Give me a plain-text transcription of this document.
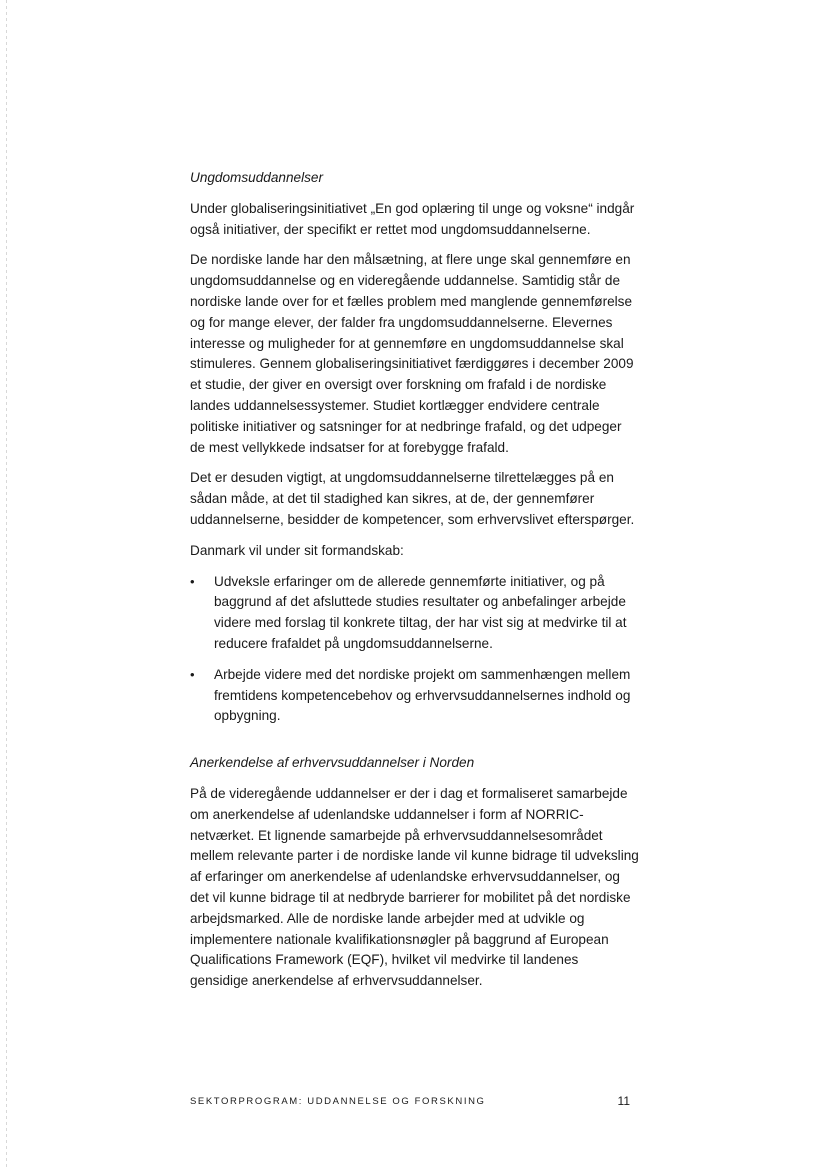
Ungdomsuddannelser

Under globaliseringsinitiativet „En god oplæring til unge og voksne“ indgår også initiativer, der specifikt er rettet mod ungdomsuddannelserne.

De nordiske lande har den målsætning, at flere unge skal gennemføre en ungdomsuddannelse og en videregående uddannelse. Samtidig står de nordiske lande over for et fælles problem med manglende gennemførelse og for mange elever, der falder fra ungdomsuddannelserne. Elevernes interesse og muligheder for at gennemføre en ungdomsuddannelse skal stimuleres. Gennem globaliseringsinitiativet færdiggøres i december 2009 et studie, der giver en oversigt over forskning om frafald i de nordiske landes uddannelsessystemer. Studiet kortlægger endvidere centrale politiske initiativer og satsninger for at nedbringe frafald, og det udpeger de mest vellykkede indsatser for at forebygge frafald.

Det er desuden vigtigt, at ungdomsuddannelserne tilrettelægges på en sådan måde, at det til stadighed kan sikres, at de, der gennemfører uddannelserne, besidder de kompetencer, som erhvervslivet efterspørger.

Danmark vil under sit formandskab:

• Udveksle erfaringer om de allerede gennemførte initiativer, og på baggrund af det afsluttede studies resultater og anbefalinger arbejde videre med forslag til konkrete tiltag, der har vist sig at medvirke til at reducere frafaldet på ungdomsuddannelserne.
• Arbejde videre med det nordiske projekt om sammenhængen mellem fremtidens kompetencebehov og erhvervsuddannelsernes indhold og opbygning.

Anerkendelse af erhvervsuddannelser i Norden

På de videregående uddannelser er der i dag et formaliseret samarbejde om anerkendelse af udenlandske uddannelser i form af NORRIC-netværket. Et lignende samarbejde på erhvervsuddannelsesområdet mellem relevante parter i de nordiske lande vil kunne bidrage til udveksling af erfaringer om anerkendelse af udenlandske erhvervsuddannelser, og det vil kunne bidrage til at nedbryde barrierer for mobilitet på det nordiske arbejdsmarked. Alle de nordiske lande arbejder med at udvikle og implementere nationale kvalifikationsnøgler på baggrund af European Qualifications Framework (EQF), hvilket vil medvirke til landenes gensidige anerkendelse af erhvervsuddannelser.

SEKTORPROGRAM: UDDANNELSE OG FORSKNING	11
